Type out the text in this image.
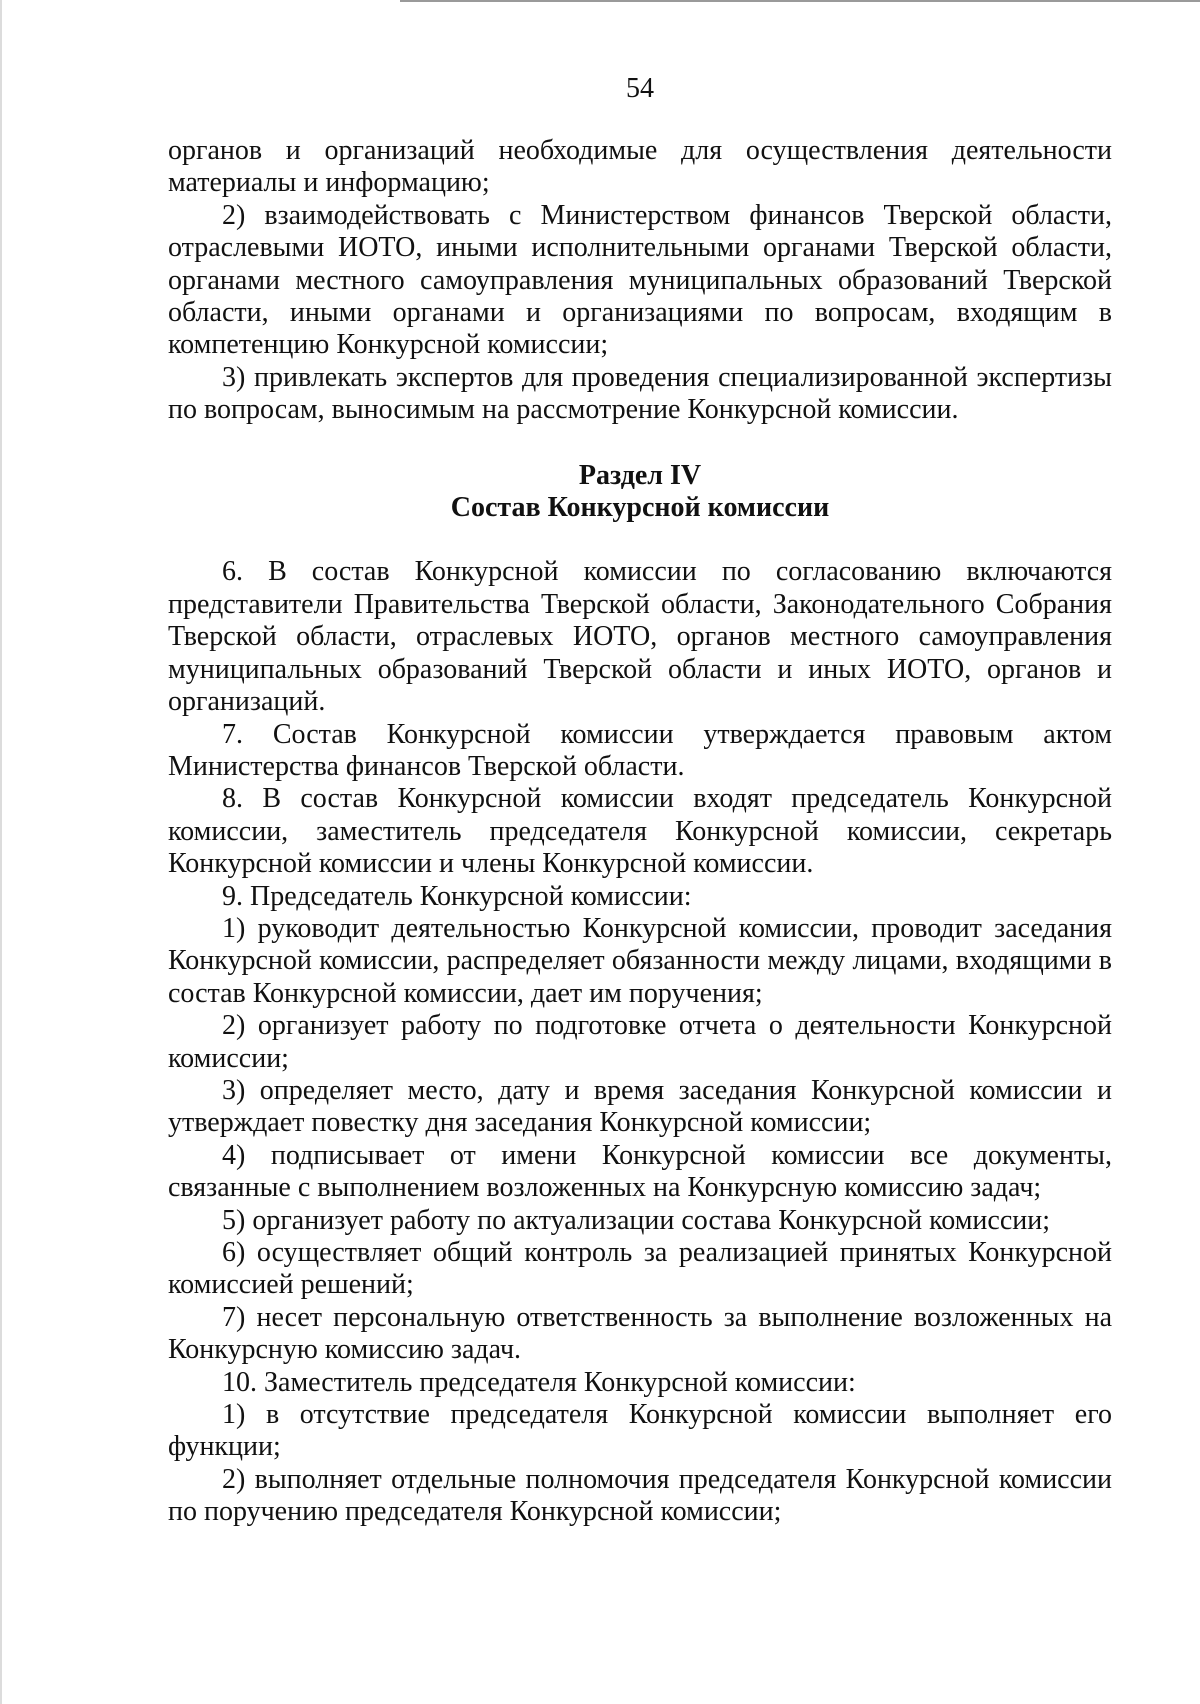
54

органов и организаций необходимые для осуществления деятельности материалы и информацию;

2) взаимодействовать с Министерством финансов Тверской области, отраслевыми ИОТО, иными исполнительными органами Тверской области, органами местного самоуправления муниципальных образований Тверской области, иными органами и организациями по вопросам, входящим в компетенцию Конкурсной комиссии;

3) привлекать экспертов для проведения специализированной экспертизы по вопросам, выносимым на рассмотрение Конкурсной комиссии.

Раздел IV

Состав Конкурсной комиссии

6. В состав Конкурсной комиссии по согласованию включаются представители Правительства Тверской области, Законодательного Собрания Тверской области, отраслевых ИОТО, органов местного самоуправления муниципальных образований Тверской области и иных ИОТО, органов и организаций.

7. Состав Конкурсной комиссии утверждается правовым актом Министерства финансов Тверской области.

8. В состав Конкурсной комиссии входят председатель Конкурсной комиссии, заместитель председателя Конкурсной комиссии, секретарь Конкурсной комиссии и члены Конкурсной комиссии.

9. Председатель Конкурсной комиссии:

1) руководит деятельностью Конкурсной комиссии, проводит заседания Конкурсной комиссии, распределяет обязанности между лицами, входящими в состав Конкурсной комиссии, дает им поручения;

2) организует работу по подготовке отчета о деятельности Конкурсной комиссии;

3) определяет место, дату и время заседания Конкурсной комиссии и утверждает повестку дня заседания Конкурсной комиссии;

4) подписывает от имени Конкурсной комиссии все документы, связанные с выполнением возложенных на Конкурсную комиссию задач;

5) организует работу по актуализации состава Конкурсной комиссии;

6) осуществляет общий контроль за реализацией принятых Конкурсной комиссией решений;

7) несет персональную ответственность за выполнение возложенных на Конкурсную комиссию задач.

10. Заместитель председателя Конкурсной комиссии:

1) в отсутствие председателя Конкурсной комиссии выполняет его функции;

2) выполняет отдельные полномочия председателя Конкурсной комиссии по поручению председателя Конкурсной комиссии;
